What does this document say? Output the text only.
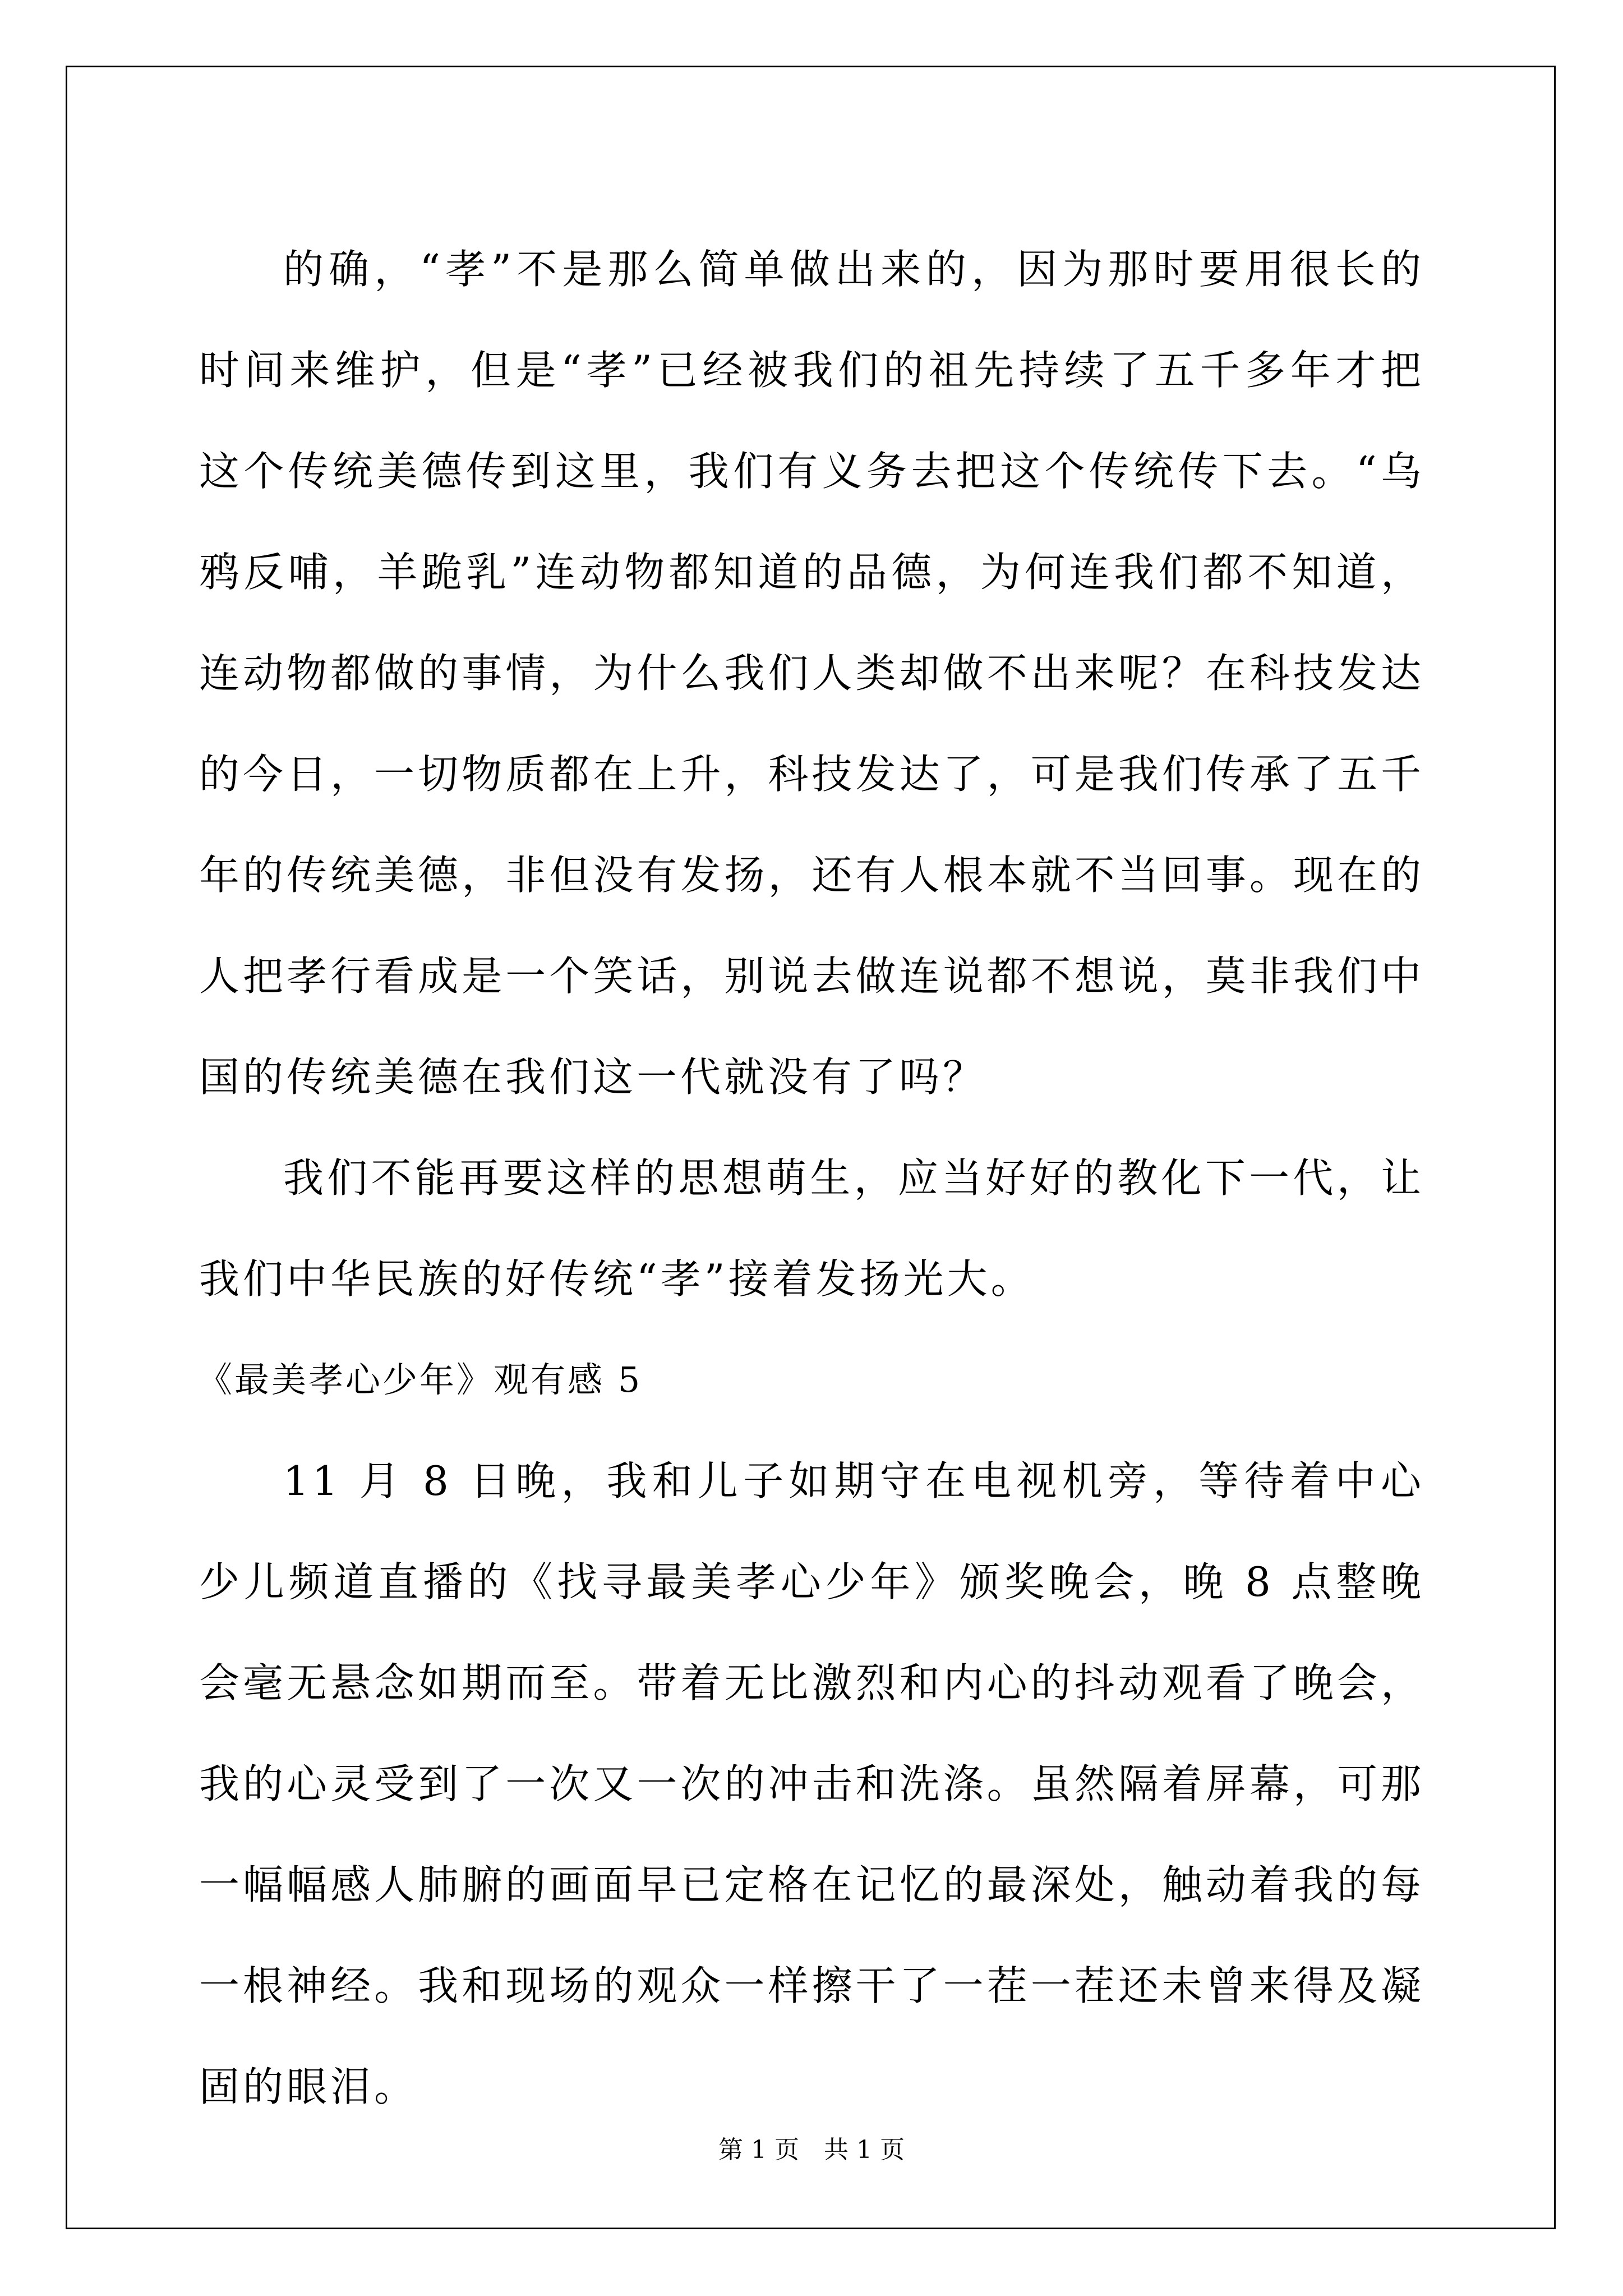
的确，“孝”不是那么简单做出来的，因为那时要用很长的时间来维护，但是“孝”已经被我们的祖先持续了五千多年才把这个传统美德传到这里，我们有义务去把这个传统传下去。“乌鸦反哺，羊跪乳”连动物都知道的品德，为何连我们都不知道，连动物都做的事情，为什么我们人类却做不出来呢？在科技发达的今日，一切物质都在上升，科技发达了，可是我们传承了五千年的传统美德，非但没有发扬，还有人根本就不当回事。现在的人把孝行看成是一个笑话，别说去做连说都不想说，莫非我们中国的传统美德在我们这一代就没有了吗？

我们不能再要这样的思想萌生，应当好好的教化下一代，让我们中华民族的好传统“孝”接着发扬光大。

《最美孝心少年》观有感 5

11 月 8 日晚，我和儿子如期守在电视机旁，等待着中心少儿频道直播的《找寻最美孝心少年》颁奖晚会，晚 8 点整晚会毫无悬念如期而至。带着无比激烈和内心的抖动观看了晚会，我的心灵受到了一次又一次的冲击和洗涤。虽然隔着屏幕，可那一幅幅感人肺腑的画面早已定格在记忆的最深处，触动着我的每一根神经。我和现场的观众一样擦干了一茬一茬还未曾来得及凝固的眼泪。

第 1 页　共 1 页
